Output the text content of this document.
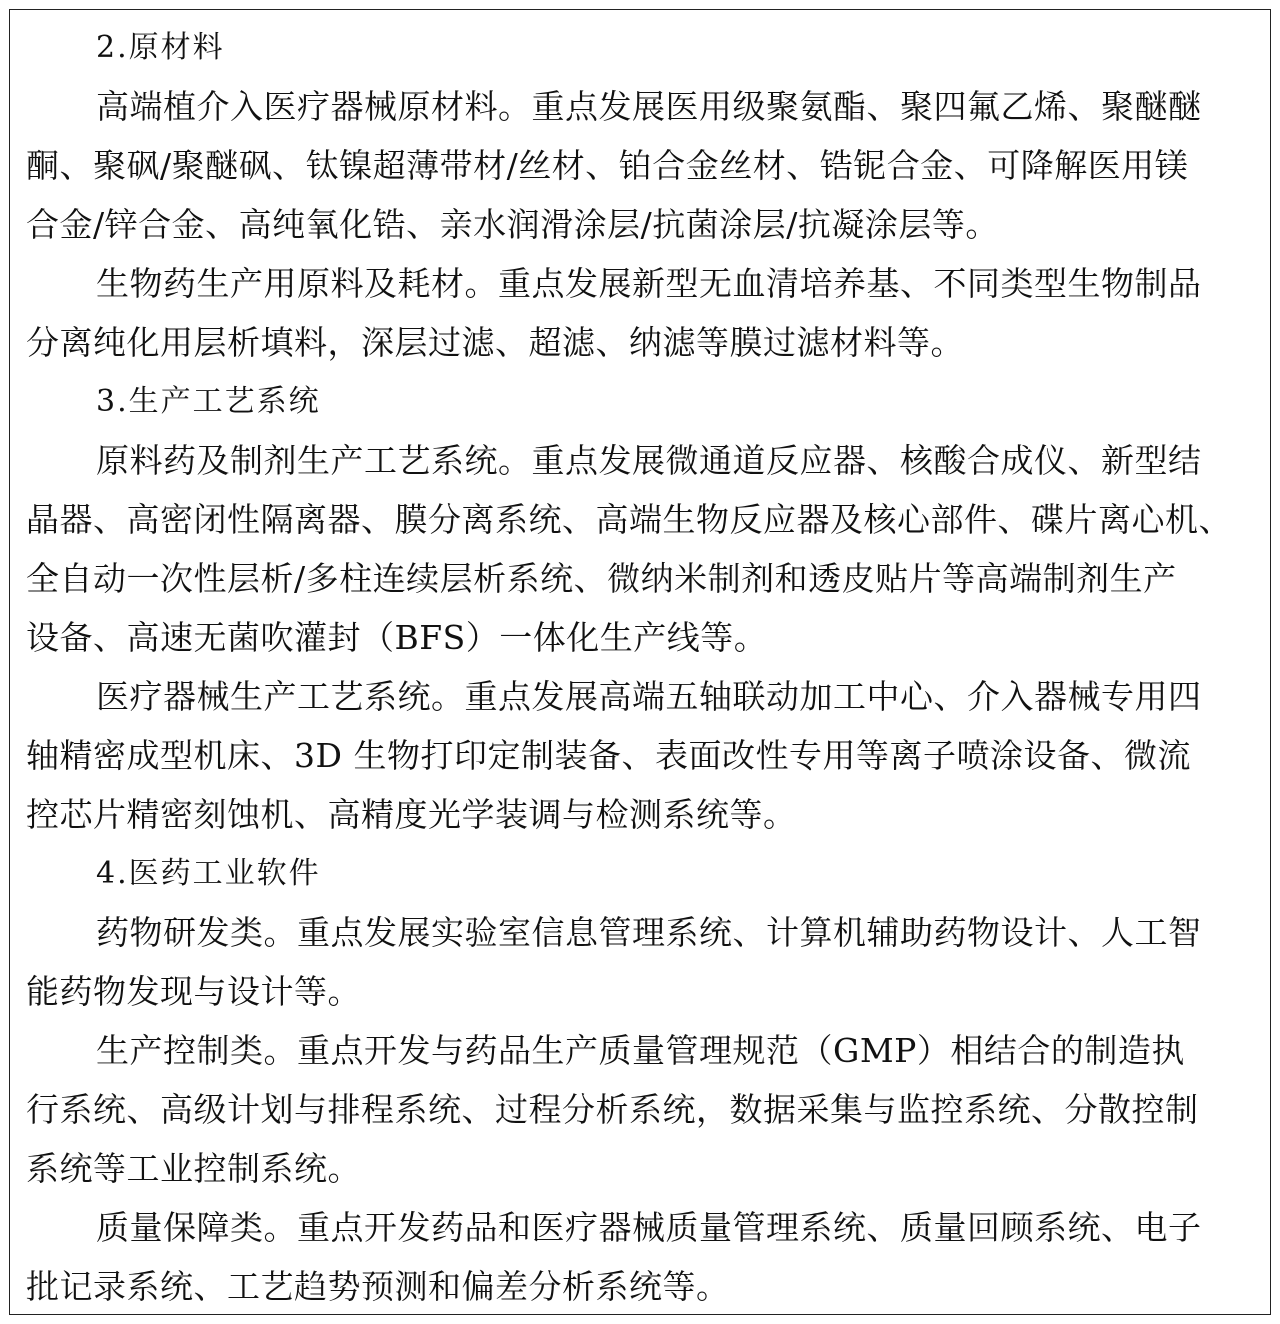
2.原材料
高端植介入医疗器械原材料。重点发展医用级聚氨酯、聚四氟乙烯、聚醚醚
酮、聚砜/聚醚砜、钛镍超薄带材/丝材、铂合金丝材、锆铌合金、可降解医用镁
合金/锌合金、高纯氧化锆、亲水润滑涂层/抗菌涂层/抗凝涂层等。
生物药生产用原料及耗材。重点发展新型无血清培养基、不同类型生物制品
分离纯化用层析填料，深层过滤、超滤、纳滤等膜过滤材料等。
3.生产工艺系统
原料药及制剂生产工艺系统。重点发展微通道反应器、核酸合成仪、新型结
晶器、高密闭性隔离器、膜分离系统、高端生物反应器及核心部件、碟片离心机、
全自动一次性层析/多柱连续层析系统、微纳米制剂和透皮贴片等高端制剂生产
设备、高速无菌吹灌封（BFS）一体化生产线等。
医疗器械生产工艺系统。重点发展高端五轴联动加工中心、介入器械专用四
轴精密成型机床、3D 生物打印定制装备、表面改性专用等离子喷涂设备、微流
控芯片精密刻蚀机、高精度光学装调与检测系统等。
4.医药工业软件
药物研发类。重点发展实验室信息管理系统、计算机辅助药物设计、人工智
能药物发现与设计等。
生产控制类。重点开发与药品生产质量管理规范（GMP）相结合的制造执
行系统、高级计划与排程系统、过程分析系统，数据采集与监控系统、分散控制
系统等工业控制系统。
质量保障类。重点开发药品和医疗器械质量管理系统、质量回顾系统、电子
批记录系统、工艺趋势预测和偏差分析系统等。
